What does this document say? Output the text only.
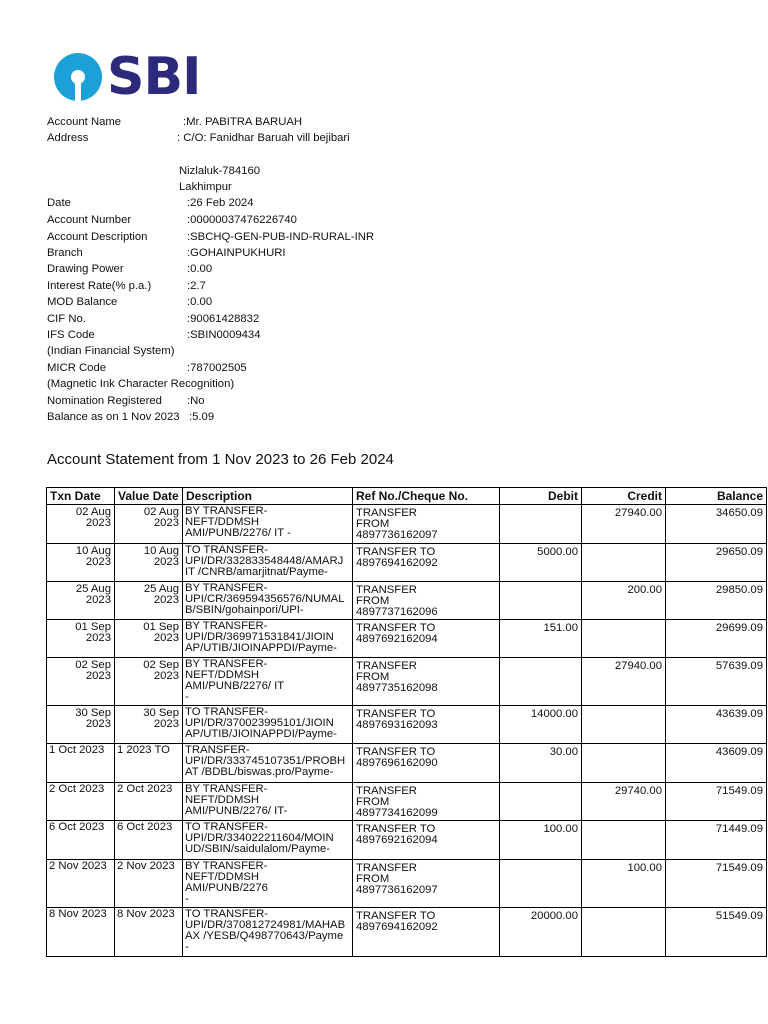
SBI
Account Name	:Mr. PABITRA BARUAH
Address	: C/O: Fanidhar Baruah vill bejibari
Nizlaluk-784160
Lakhimpur
Date	:26 Feb 2024
Account Number	:00000037476226740
Account Description	:SBCHQ-GEN-PUB-IND-RURAL-INR
Branch	:GOHAINPUKHURI
Drawing Power	:0.00
Interest Rate(% p.a.)	:2.7
MOD Balance	:0.00
CIF No.	:90061428832
IFS Code	:SBIN0009434
(Indian Financial System)
MICR Code	:787002505
(Magnetic Ink Character Recognition)
Nomination Registered :No
Balance as on 1 Nov 2023 :5.09
Account Statement from 1 Nov 2023 to 26 Feb 2024
Txn Date	Value Date	Description	Ref No./Cheque No.	Debit	Credit	Balance
02 Aug
2023	02 Aug
2023	BY TRANSFER-
NEFT/DDMSH
AMI/PUNB/2276/ IT -	TRANSFER
FROM
4897736162097		27940.00	34650.09
10 Aug
2023	10 Aug
2023	TO TRANSFER-
UPI/DR/332833548448/AMARJ
IT /CNRB/amarjitnat/Payme-	TRANSFER TO
4897694162092	5000.00		29650.09
25 Aug
2023	25 Aug
2023	BY TRANSFER-
UPI/CR/369594356576/NUMAL
B/SBIN/gohainpori/UPI-	TRANSFER
FROM
4897737162096		200.00	29850.09
01 Sep
2023	01 Sep
2023	BY TRANSFER-
UPI/DR/369971531841/JIOIN
AP/UTIB/JIOINAPPDI/Payme-	TRANSFER TO
4897692162094	151.00		29699.09
02 Sep
2023	02 Sep
2023	BY TRANSFER-
NEFT/DDMSH
AMI/PUNB/2276/ IT
-	TRANSFER
FROM
4897735162098		27940.00	57639.09
30 Sep
2023	30 Sep
2023	TO TRANSFER-
UPI/DR/370023995101/JIOIN
AP/UTIB/JIOINAPPDI/Payme-	TRANSFER TO
4897693162093	14000.00		43639.09
1 Oct 2023	1 2023 TO	TRANSFER-
UPI/DR/333745107351/PROBH
AT /BDBL/biswas.pro/Payme-	TRANSFER TO
4897696162090	30.00		43609.09
2 Oct 2023	2 Oct 2023	BY TRANSFER-
NEFT/DDMSH
AMI/PUNB/2276/ IT-	TRANSFER
FROM
4897734162099		29740.00	71549.09
6 Oct 2023	6 Oct 2023	TO TRANSFER-
UPI/DR/334022211604/MOIN
UD/SBIN/saidulalom/Payme-	TRANSFER TO
4897692162094	100.00		71449.09
2 Nov 2023	2 Nov 2023	BY TRANSFER-
NEFT/DDMSH
AMI/PUNB/2276
-	TRANSFER
FROM
4897736162097		100.00	71549.09
8 Nov 2023	8 Nov 2023	TO TRANSFER-
UPI/DR/370812724981/MAHAB
AX /YESB/Q498770643/Payme
-	TRANSFER TO
4897694162092	20000.00		51549.09
